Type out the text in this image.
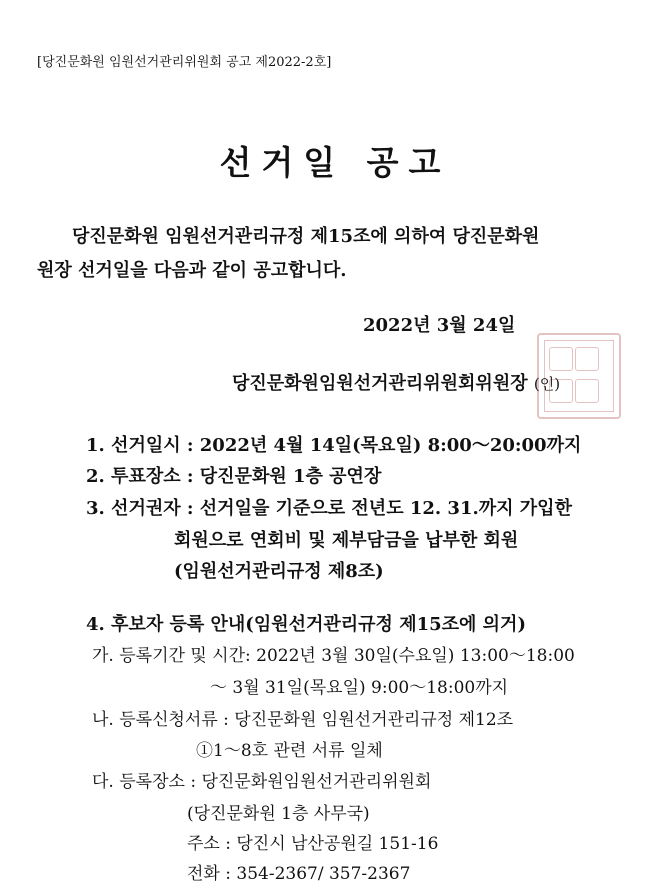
[당진문화원 임원선거관리위원회 공고 제2022-2호]
선거일 공고
당진문화원 임원선거관리규정 제15조에 의하여 당진문화원
원장 선거일을 다음과 같이 공고합니다.
2022년 3월 24일
당진문화원임원선거관리위원회위원장 (인)
1. 선거일시 : 2022년 4월 14일(목요일) 8:00～20:00까지
2. 투표장소 : 당진문화원 1층 공연장
3. 선거권자 : 선거일을 기준으로 전년도 12. 31.까지 가입한
회원으로 연회비 및 제부담금을 납부한 회원
(임원선거관리규정 제8조)
4. 후보자 등록 안내(임원선거관리규정 제15조에 의거)
가. 등록기간 및 시간: 2022년 3월 30일(수요일) 13:00～18:00
～ 3월 31일(목요일) 9:00～18:00까지
나. 등록신청서류 : 당진문화원 임원선거관리규정 제12조
①1～8호 관련 서류 일체
다. 등록장소 : 당진문화원임원선거관리위원회
(당진문화원 1층 사무국)
주소 : 당진시 남산공원길 151-16
전화 : 354-2367/ 357-2367
